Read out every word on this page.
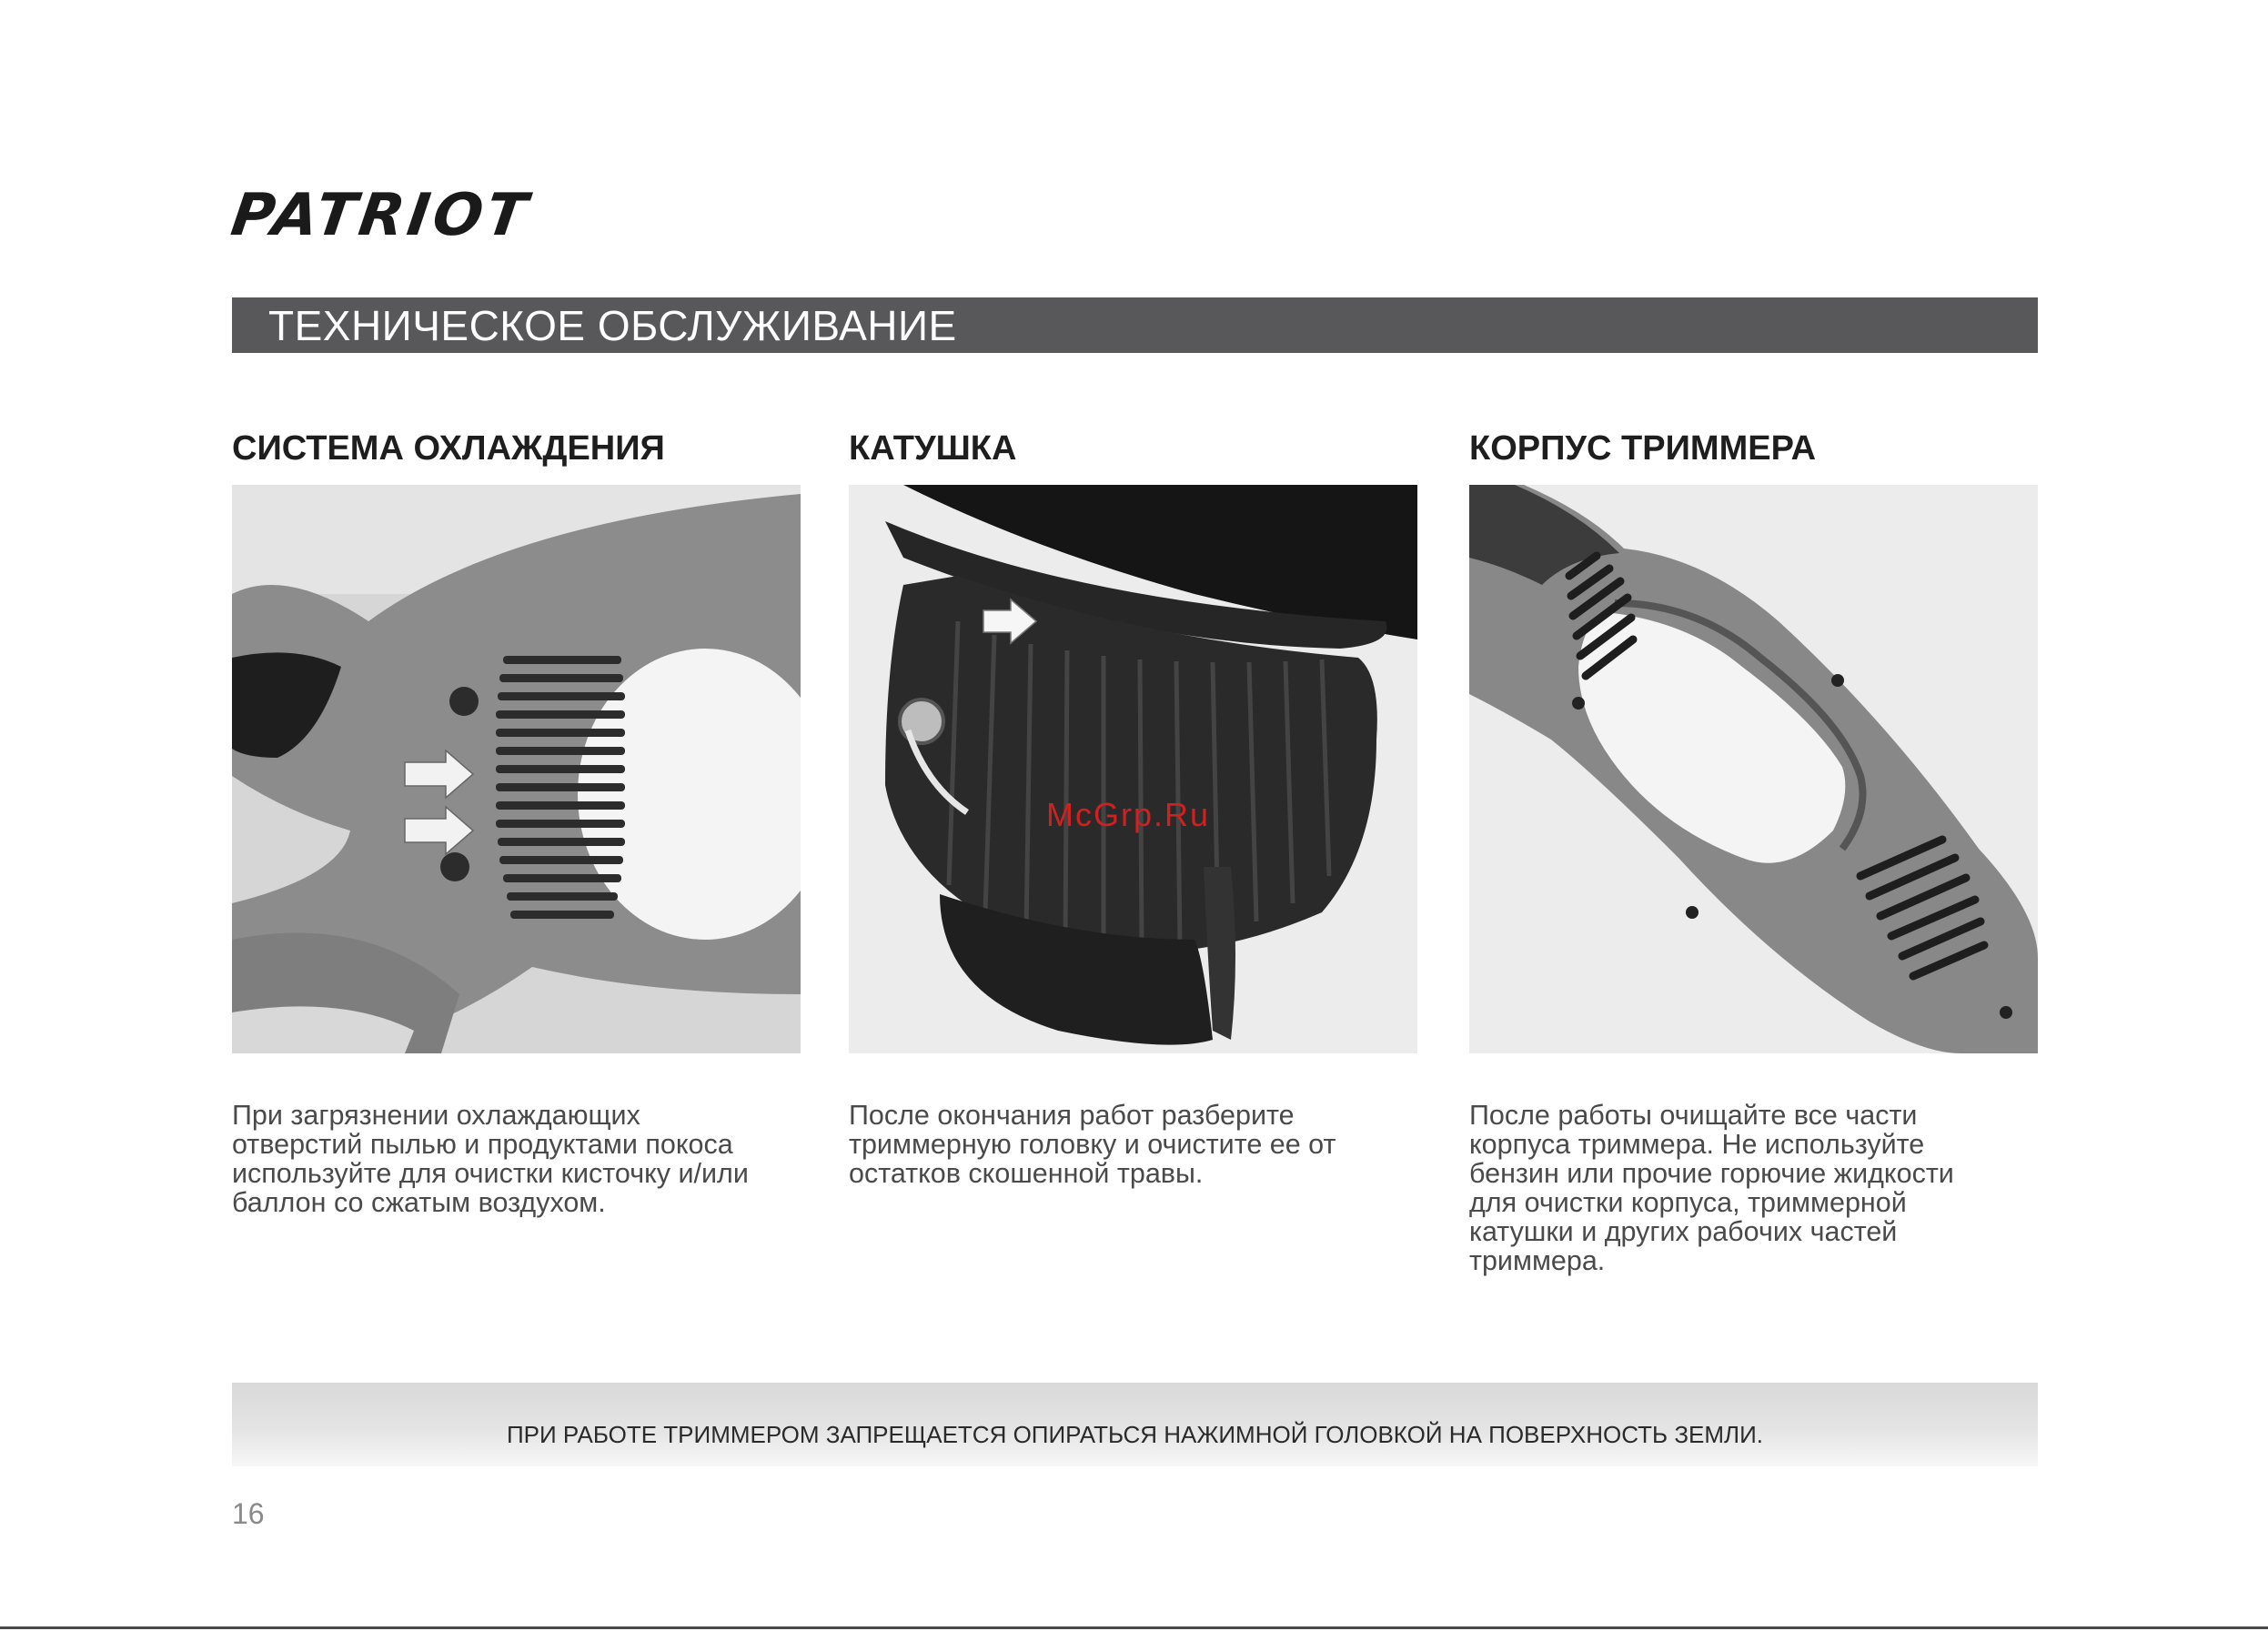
PATRIOT
ТЕХНИЧЕСКОЕ ОБСЛУЖИВАНИЕ
СИСТЕМА ОХЛАЖДЕНИЯ
При загрязнении охлаждающих
отверстий пылью и продуктами покоса
используйте для очистки кисточку и/или
баллон со сжатым воздухом.
КАТУШКА
После окончания работ разберите
триммерную головку и очистите ее от
остатков скошенной травы.
КОРПУС ТРИММЕРА
После работы очищайте все части
корпуса триммера. Не используйте
бензин или прочие горючие жидкости
для очистки корпуса, триммерной
катушки и других рабочих частей
триммера.
McGrp.Ru
ПРИ РАБОТЕ ТРИММЕРОМ ЗАПРЕЩАЕТСЯ ОПИРАТЬСЯ НАЖИМНОЙ ГОЛОВКОЙ НА ПОВЕРХНОСТЬ ЗЕМЛИ.
16
